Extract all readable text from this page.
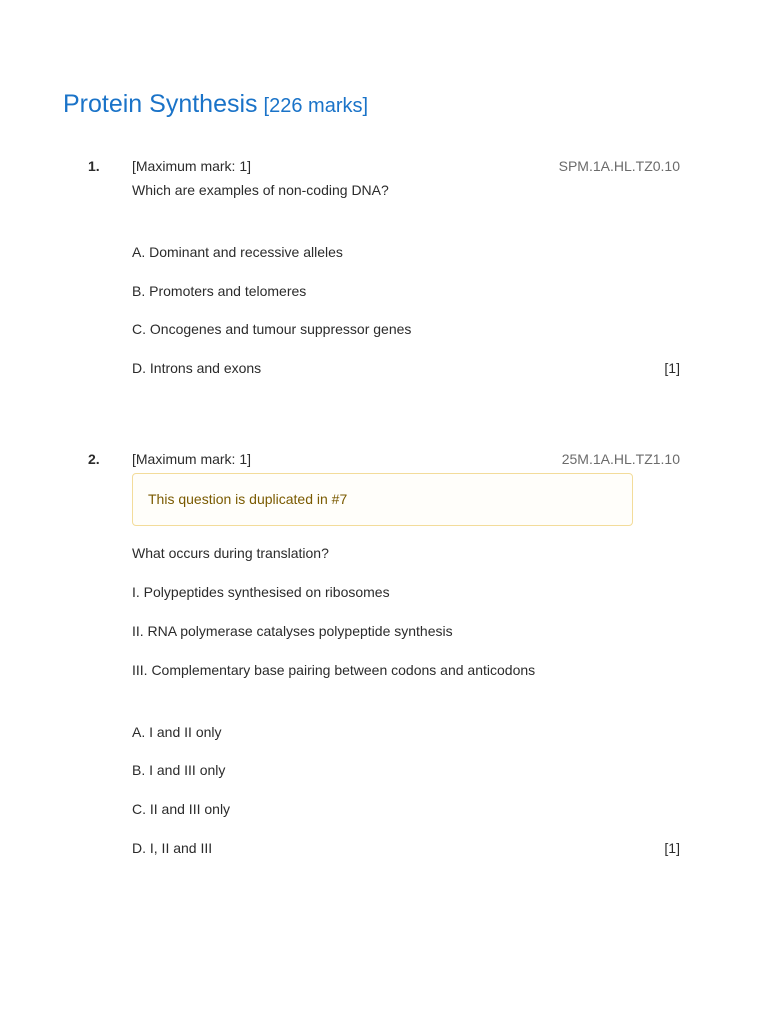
Protein Synthesis [226 marks]
1. [Maximum mark: 1]	SPM.1A.HL.TZ0.10
Which are examples of non-coding DNA?
A. Dominant and recessive alleles
B. Promoters and telomeres
C. Oncogenes and tumour suppressor genes
D. Introns and exons	[1]
2. [Maximum mark: 1]	25M.1A.HL.TZ1.10
This question is duplicated in #7
What occurs during translation?
I. Polypeptides synthesised on ribosomes
II. RNA polymerase catalyses polypeptide synthesis
III. Complementary base pairing between codons and anticodons
A. I and II only
B. I and III only
C. II and III only
D. I, II and III	[1]
